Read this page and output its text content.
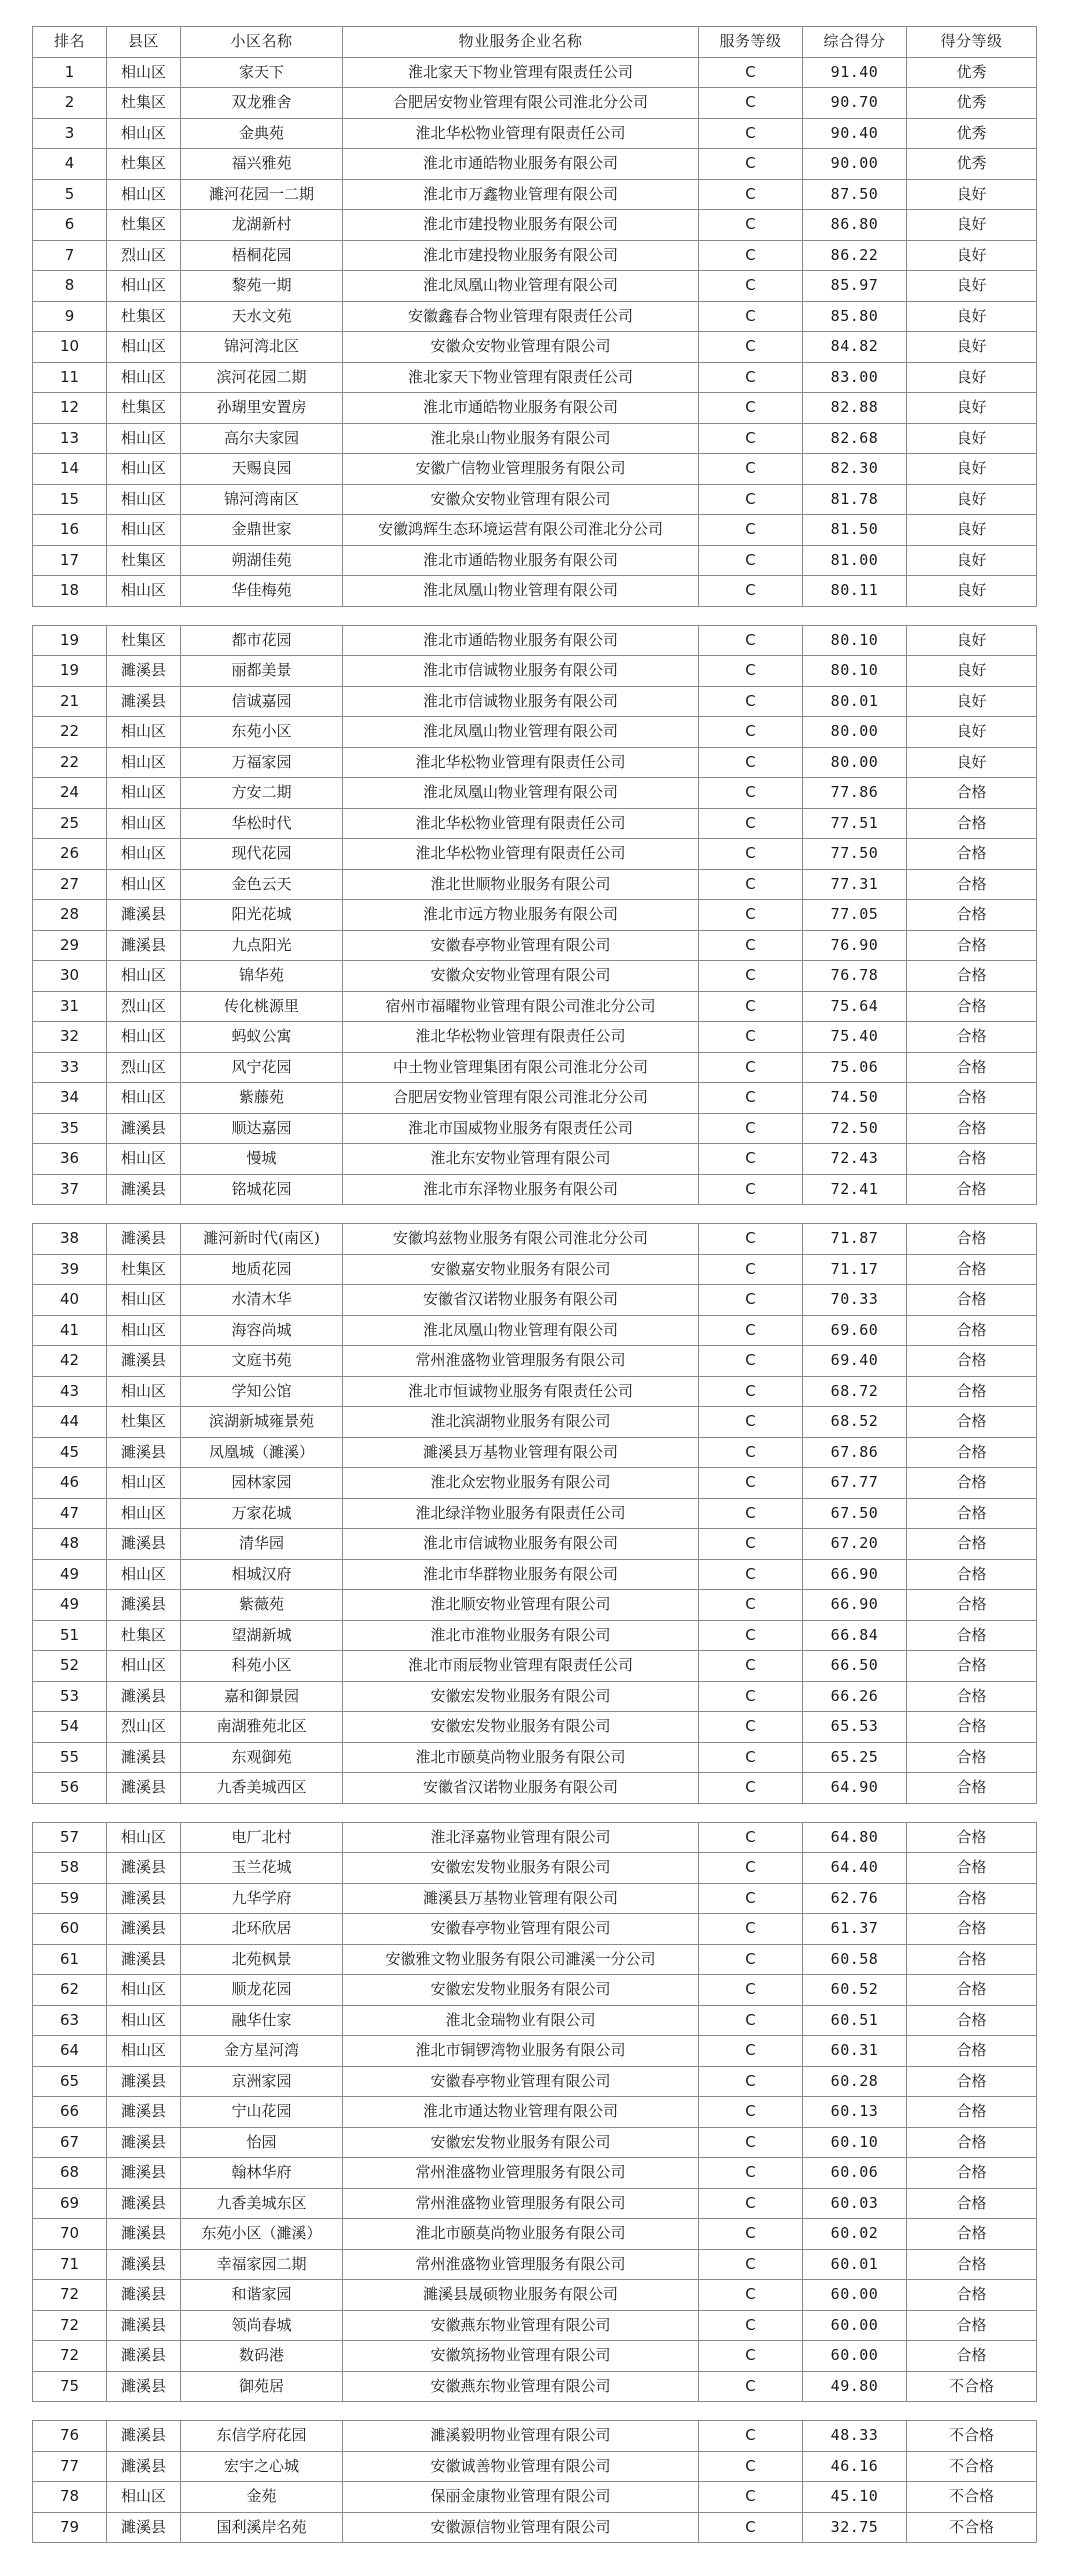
排名	县区	小区名称	物业服务企业名称	服务等级	综合得分	得分等级
1	相山区	家天下	淮北家天下物业管理有限责任公司	C	91.40	优秀
2	杜集区	双龙雅舍	合肥居安物业管理有限公司淮北分公司	C	90.70	优秀
3	相山区	金典苑	淮北华松物业管理有限责任公司	C	90.40	优秀
4	杜集区	福兴雅苑	淮北市通皓物业服务有限公司	C	90.00	优秀
5	相山区	濉河花园一二期	淮北市万鑫物业管理有限公司	C	87.50	良好
6	杜集区	龙湖新村	淮北市建投物业服务有限公司	C	86.80	良好
7	烈山区	梧桐花园	淮北市建投物业服务有限公司	C	86.22	良好
8	相山区	黎苑一期	淮北凤凰山物业管理有限公司	C	85.97	良好
9	杜集区	天水文苑	安徽鑫春合物业管理有限责任公司	C	85.80	良好
10	相山区	锦河湾北区	安徽众安物业管理有限公司	C	84.82	良好
11	相山区	滨河花园二期	淮北家天下物业管理有限责任公司	C	83.00	良好
12	杜集区	孙瑚里安置房	淮北市通皓物业服务有限公司	C	82.88	良好
13	相山区	高尔夫家园	淮北泉山物业服务有限公司	C	82.68	良好
14	相山区	天赐良园	安徽广信物业管理服务有限公司	C	82.30	良好
15	相山区	锦河湾南区	安徽众安物业管理有限公司	C	81.78	良好
16	相山区	金鼎世家	安徽鸿辉生态环境运营有限公司淮北分公司	C	81.50	良好
17	杜集区	朔湖佳苑	淮北市通皓物业服务有限公司	C	81.00	良好
18	相山区	华佳梅苑	淮北凤凰山物业管理有限公司	C	80.11	良好
19	杜集区	都市花园	淮北市通皓物业服务有限公司	C	80.10	良好
19	濉溪县	丽都美景	淮北市信诚物业服务有限公司	C	80.10	良好
21	濉溪县	信诚嘉园	淮北市信诚物业服务有限公司	C	80.01	良好
22	相山区	东苑小区	淮北凤凰山物业管理有限公司	C	80.00	良好
22	相山区	万福家园	淮北华松物业管理有限责任公司	C	80.00	良好
24	相山区	方安二期	淮北凤凰山物业管理有限公司	C	77.86	合格
25	相山区	华松时代	淮北华松物业管理有限责任公司	C	77.51	合格
26	相山区	现代花园	淮北华松物业管理有限责任公司	C	77.50	合格
27	相山区	金色云天	淮北世顺物业服务有限公司	C	77.31	合格
28	濉溪县	阳光花城	淮北市远方物业服务有限公司	C	77.05	合格
29	濉溪县	九点阳光	安徽春亭物业管理有限公司	C	76.90	合格
30	相山区	锦华苑	安徽众安物业管理有限公司	C	76.78	合格
31	烈山区	传化桃源里	宿州市福曜物业管理有限公司淮北分公司	C	75.64	合格
32	相山区	蚂蚁公寓	淮北华松物业管理有限责任公司	C	75.40	合格
33	烈山区	风宁花园	中土物业管理集团有限公司淮北分公司	C	75.06	合格
34	相山区	紫藤苑	合肥居安物业管理有限公司淮北分公司	C	74.50	合格
35	濉溪县	顺达嘉园	淮北市国威物业服务有限责任公司	C	72.50	合格
36	相山区	慢城	淮北东安物业管理有限公司	C	72.43	合格
37	濉溪县	铭城花园	淮北市东泽物业服务有限公司	C	72.41	合格
38	濉溪县	濉河新时代(南区)	安徽坞兹物业服务有限公司淮北分公司	C	71.87	合格
39	杜集区	地质花园	安徽嘉安物业服务有限公司	C	71.17	合格
40	相山区	水清木华	安徽省汉诺物业服务有限公司	C	70.33	合格
41	相山区	海容尚城	淮北凤凰山物业管理有限公司	C	69.60	合格
42	濉溪县	文庭书苑	常州淮盛物业管理服务有限公司	C	69.40	合格
43	相山区	学知公馆	淮北市恒诚物业服务有限责任公司	C	68.72	合格
44	杜集区	滨湖新城雍景苑	淮北滨湖物业服务有限公司	C	68.52	合格
45	濉溪县	凤凰城（濉溪）	濉溪县万基物业管理有限公司	C	67.86	合格
46	相山区	园林家园	淮北众宏物业服务有限公司	C	67.77	合格
47	相山区	万家花城	淮北绿洋物业服务有限责任公司	C	67.50	合格
48	濉溪县	清华园	淮北市信诚物业服务有限公司	C	67.20	合格
49	相山区	相城汉府	淮北市华群物业服务有限公司	C	66.90	合格
49	濉溪县	紫薇苑	淮北顺安物业管理有限公司	C	66.90	合格
51	杜集区	望湖新城	淮北市淮物业服务有限公司	C	66.84	合格
52	相山区	科苑小区	淮北市雨辰物业管理有限责任公司	C	66.50	合格
53	濉溪县	嘉和御景园	安徽宏发物业服务有限公司	C	66.26	合格
54	烈山区	南湖雅苑北区	安徽宏发物业服务有限公司	C	65.53	合格
55	濉溪县	东观御苑	淮北市颐莫尚物业服务有限公司	C	65.25	合格
56	濉溪县	九香美城西区	安徽省汉诺物业服务有限公司	C	64.90	合格
57	相山区	电厂北村	淮北泽嘉物业管理有限公司	C	64.80	合格
58	濉溪县	玉兰花城	安徽宏发物业服务有限公司	C	64.40	合格
59	濉溪县	九华学府	濉溪县万基物业管理有限公司	C	62.76	合格
60	濉溪县	北环欣居	安徽春亭物业管理有限公司	C	61.37	合格
61	濉溪县	北苑枫景	安徽雅文物业服务有限公司濉溪一分公司	C	60.58	合格
62	相山区	顺龙花园	安徽宏发物业服务有限公司	C	60.52	合格
63	相山区	融华仕家	淮北金瑞物业有限公司	C	60.51	合格
64	相山区	金方星河湾	淮北市铜锣湾物业服务有限公司	C	60.31	合格
65	濉溪县	京洲家园	安徽春亭物业管理有限公司	C	60.28	合格
66	濉溪县	宁山花园	淮北市通达物业管理有限公司	C	60.13	合格
67	濉溪县	怡园	安徽宏发物业服务有限公司	C	60.10	合格
68	濉溪县	翰林华府	常州淮盛物业管理服务有限公司	C	60.06	合格
69	濉溪县	九香美城东区	常州淮盛物业管理服务有限公司	C	60.03	合格
70	濉溪县	东苑小区（濉溪）	淮北市颐莫尚物业服务有限公司	C	60.02	合格
71	濉溪县	幸福家园二期	常州淮盛物业管理服务有限公司	C	60.01	合格
72	濉溪县	和谐家园	濉溪县晟硕物业服务有限公司	C	60.00	合格
72	濉溪县	领尚春城	安徽燕东物业管理有限公司	C	60.00	合格
72	濉溪县	数码港	安徽筑扬物业管理有限公司	C	60.00	合格
75	濉溪县	御苑居	安徽燕东物业管理有限公司	C	49.80	不合格
76	濉溪县	东信学府花园	濉溪毅明物业管理有限公司	C	48.33	不合格
77	濉溪县	宏宇之心城	安徽诚善物业管理有限公司	C	46.16	不合格
78	相山区	金苑	保丽金康物业管理有限公司	C	45.10	不合格
79	濉溪县	国利溪岸名苑	安徽源信物业管理有限公司	C	32.75	不合格
